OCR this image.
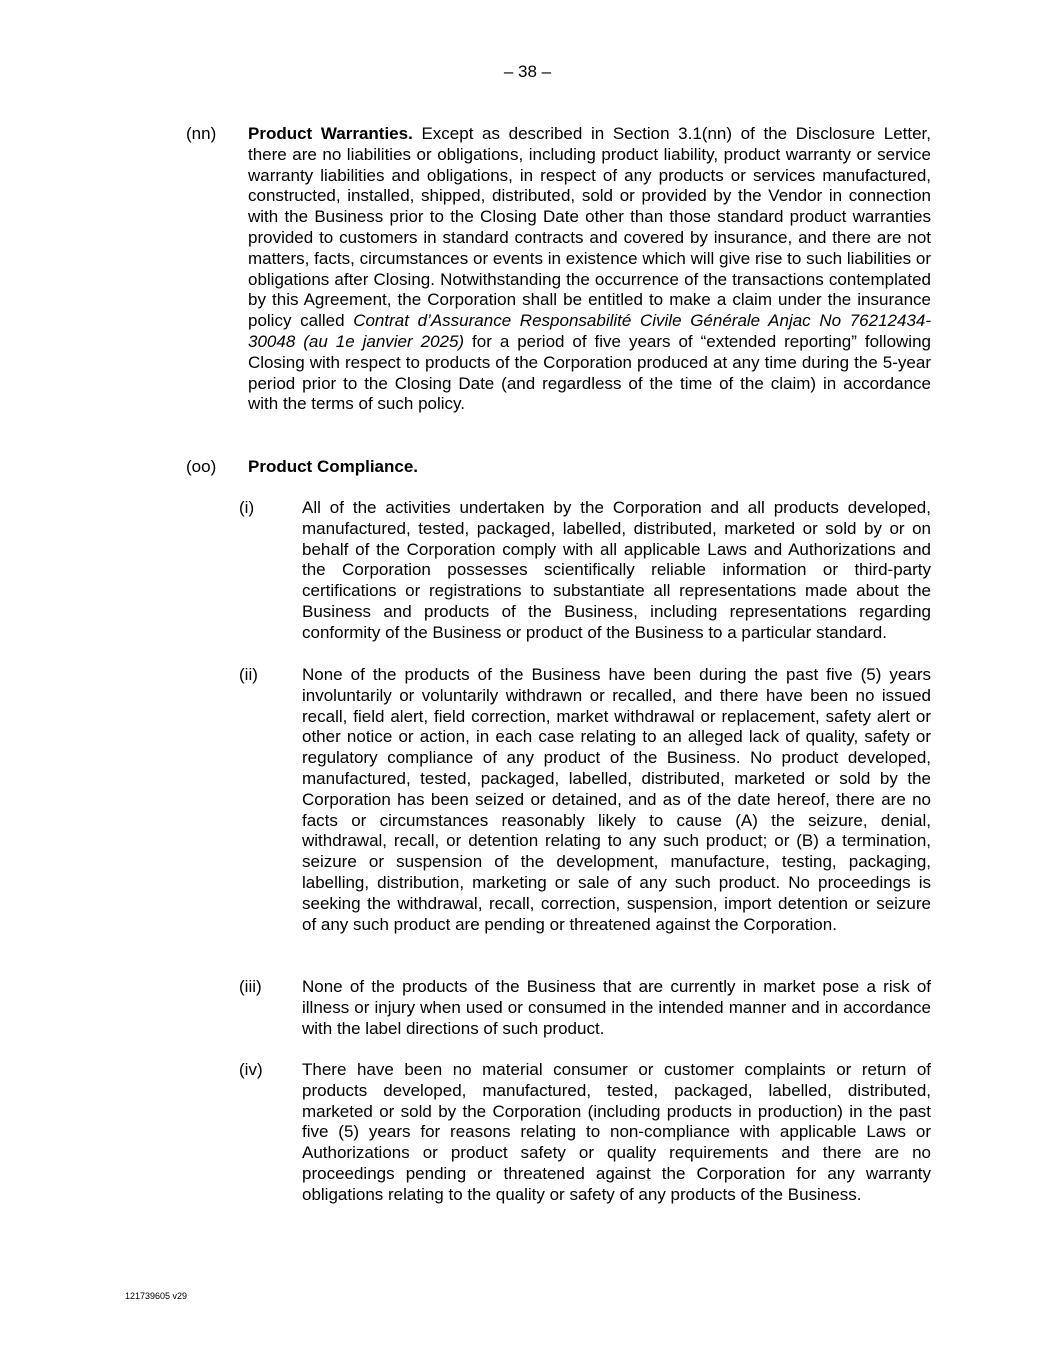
– 38 –
(nn) Product Warranties. Except as described in Section 3.1(nn) of the Disclosure Letter, there are no liabilities or obligations, including product liability, product warranty or service warranty liabilities and obligations, in respect of any products or services manufactured, constructed, installed, shipped, distributed, sold or provided by the Vendor in connection with the Business prior to the Closing Date other than those standard product warranties provided to customers in standard contracts and covered by insurance, and there are not matters, facts, circumstances or events in existence which will give rise to such liabilities or obligations after Closing. Notwithstanding the occurrence of the transactions contemplated by this Agreement, the Corporation shall be entitled to make a claim under the insurance policy called Contrat d’Assurance Responsabilité Civile Générale Anjac No 76212434-30048 (au 1e janvier 2025) for a period of five years of “extended reporting” following Closing with respect to products of the Corporation produced at any time during the 5-year period prior to the Closing Date (and regardless of the time of the claim) in accordance with the terms of such policy.
(oo) Product Compliance.
(i)	All of the activities undertaken by the Corporation and all products developed, manufactured, tested, packaged, labelled, distributed, marketed or sold by or on behalf of the Corporation comply with all applicable Laws and Authorizations and the Corporation possesses scientifically reliable information or third-party certifications or registrations to substantiate all representations made about the Business and products of the Business, including representations regarding conformity of the Business or product of the Business to a particular standard.
(ii)	None of the products of the Business have been during the past five (5) years involuntarily or voluntarily withdrawn or recalled, and there have been no issued recall, field alert, field correction, market withdrawal or replacement, safety alert or other notice or action, in each case relating to an alleged lack of quality, safety or regulatory compliance of any product of the Business. No product developed, manufactured, tested, packaged, labelled, distributed, marketed or sold by the Corporation has been seized or detained, and as of the date hereof, there are no facts or circumstances reasonably likely to cause (A) the seizure, denial, withdrawal, recall, or detention relating to any such product; or (B) a termination, seizure or suspension of the development, manufacture, testing, packaging, labelling, distribution, marketing or sale of any such product. No proceedings is seeking the withdrawal, recall, correction, suspension, import detention or seizure of any such product are pending or threatened against the Corporation.
(iii) None of the products of the Business that are currently in market pose a risk of illness or injury when used or consumed in the intended manner and in accordance with the label directions of such product.
(iv) There have been no material consumer or customer complaints or return of products developed, manufactured, tested, packaged, labelled, distributed, marketed or sold by the Corporation (including products in production) in the past five (5) years for reasons relating to non-compliance with applicable Laws or Authorizations or product safety or quality requirements and there are no proceedings pending or threatened against the Corporation for any warranty obligations relating to the quality or safety of any products of the Business.
121739605 v29
